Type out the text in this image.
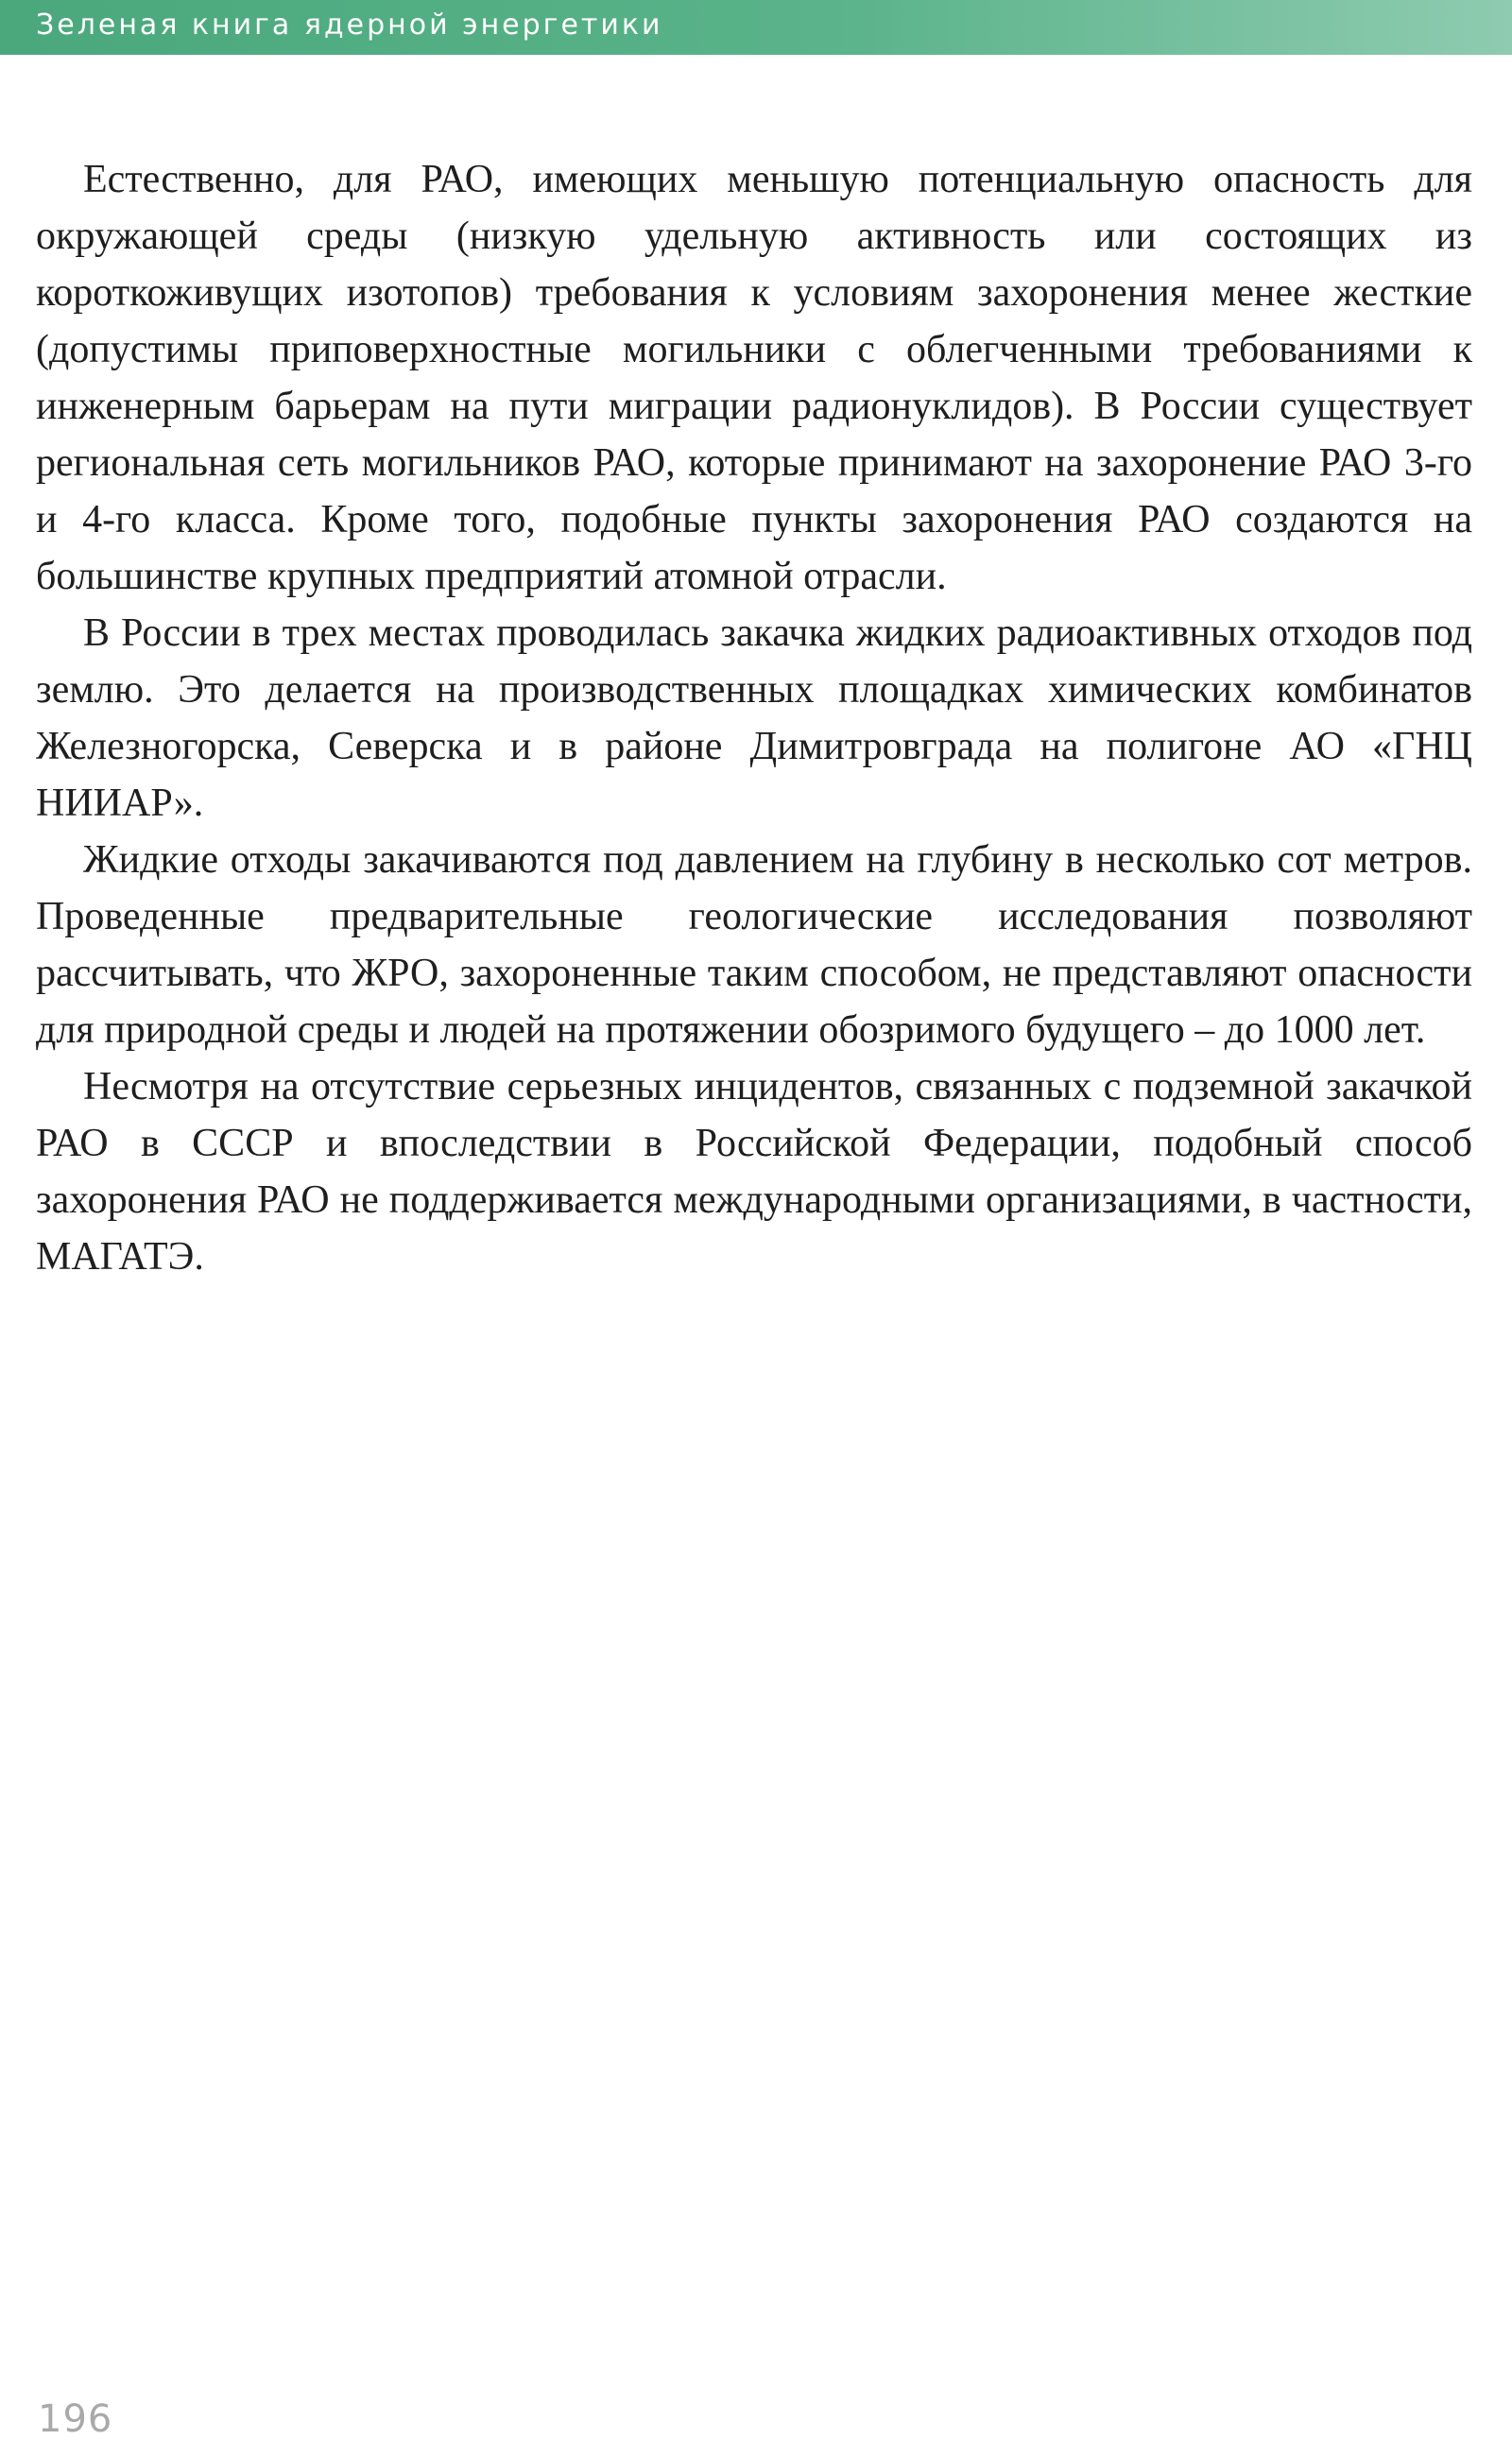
Зеленая книга ядерной энергетики

Естественно, для РАО, имеющих меньшую потенциальную опасность для окружающей среды (низкую удельную активность или состоящих из короткоживущих изотопов) требования к условиям захоронения менее жесткие (допустимы приповерхностные могильники с облегченными требованиями к инженерным барьерам на пути миграции радионуклидов). В России существует региональная сеть могильников РАО, которые принимают на захоронение РАО 3-го и 4-го класса. Кроме того, подобные пункты захоронения РАО создаются на большинстве крупных предприятий атомной отрасли.

В России в трех местах проводилась закачка жидких радиоактивных отходов под землю. Это делается на производственных площадках химических комбинатов Железногорска, Северска и в районе Димитровграда на полигоне АО «ГНЦ НИИАР».

Жидкие отходы закачиваются под давлением на глубину в несколько сот метров. Проведенные предварительные геологические исследования позволяют рассчитывать, что ЖРО, захороненные таким способом, не представляют опасности для природной среды и людей на протяжении обозримого будущего – до 1000 лет.

Несмотря на отсутствие серьезных инцидентов, связанных с подземной закачкой РАО в СССР и впоследствии в Российской Федерации, подобный способ захоронения РАО не поддерживается международными организациями, в частности, МАГАТЭ.

196
